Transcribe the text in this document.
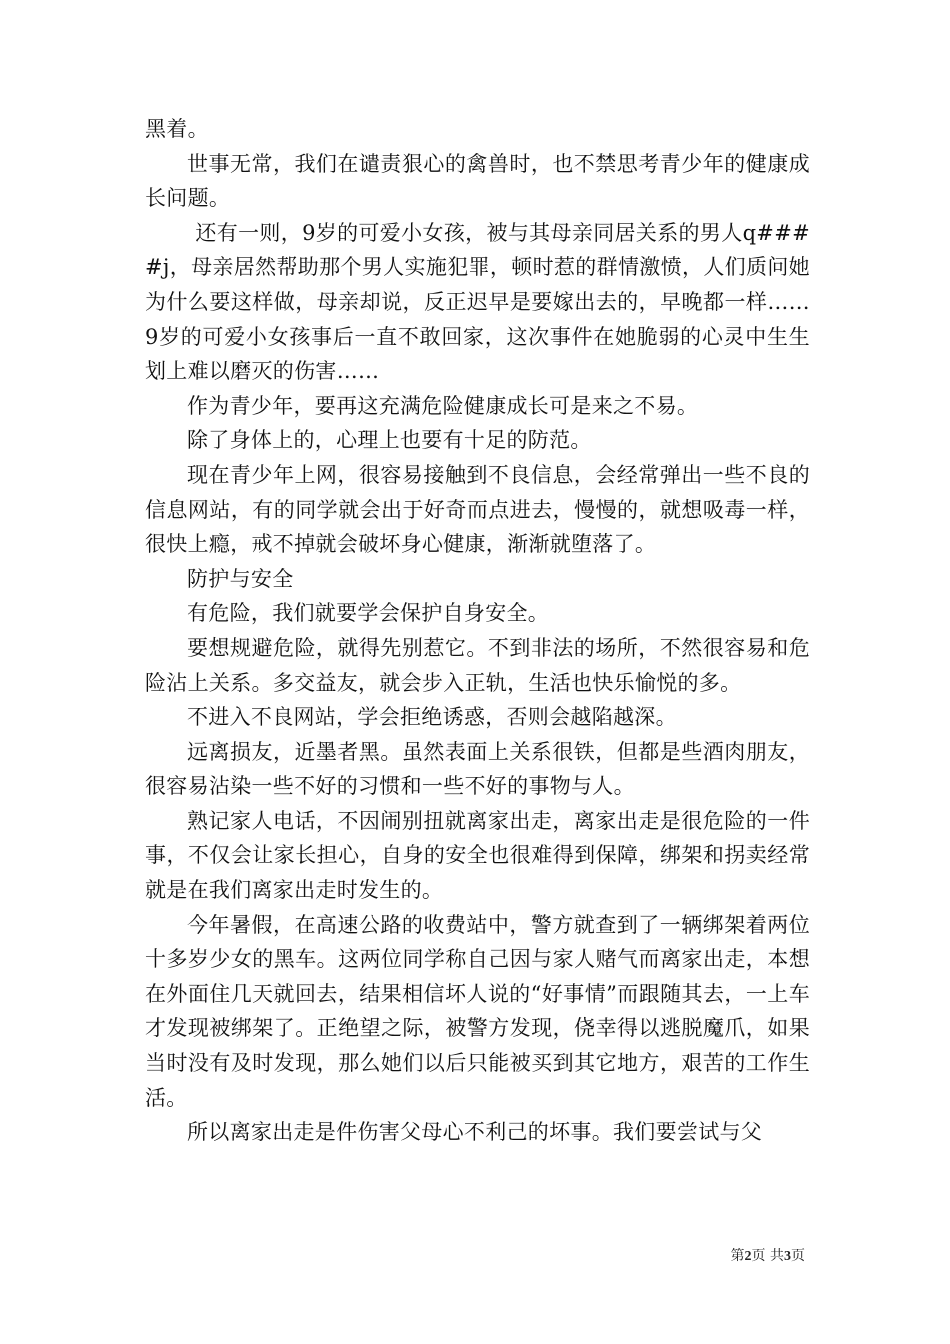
黑着。

世事无常，我们在谴责狠心的禽兽时，也不禁思考青少年的健康成长问题。

还有一则，9岁的可爱小女孩，被与其母亲同居关系的男人q####j，母亲居然帮助那个男人实施犯罪，顿时惹的群情激愤，人们质问她为什么要这样做，母亲却说，反正迟早是要嫁出去的，早晚都一样……9岁的可爱小女孩事后一直不敢回家，这次事件在她脆弱的心灵中生生划上难以磨灭的伤害……

作为青少年，要再这充满危险健康成长可是来之不易。

除了身体上的，心理上也要有十足的防范。

现在青少年上网，很容易接触到不良信息，会经常弹出一些不良的信息网站，有的同学就会出于好奇而点进去，慢慢的，就想吸毒一样，很快上瘾，戒不掉就会破坏身心健康，渐渐就堕落了。

防护与安全

有危险，我们就要学会保护自身安全。

要想规避危险，就得先别惹它。不到非法的场所，不然很容易和危险沾上关系。多交益友，就会步入正轨，生活也快乐愉悦的多。

不进入不良网站，学会拒绝诱惑，否则会越陷越深。

远离损友，近墨者黑。虽然表面上关系很铁，但都是些酒肉朋友，很容易沾染一些不好的习惯和一些不好的事物与人。

熟记家人电话，不因闹别扭就离家出走，离家出走是很危险的一件事，不仅会让家长担心，自身的安全也很难得到保障，绑架和拐卖经常就是在我们离家出走时发生的。

今年暑假，在高速公路的收费站中，警方就查到了一辆绑架着两位十多岁少女的黑车。这两位同学称自己因与家人赌气而离家出走，本想在外面住几天就回去，结果相信坏人说的“好事情”而跟随其去，一上车才发现被绑架了。正绝望之际，被警方发现，侥幸得以逃脱魔爪，如果当时没有及时发现，那么她们以后只能被买到其它地方，艰苦的工作生活。

所以离家出走是件伤害父母心不利己的坏事。我们要尝试与父

第2页 共3页
